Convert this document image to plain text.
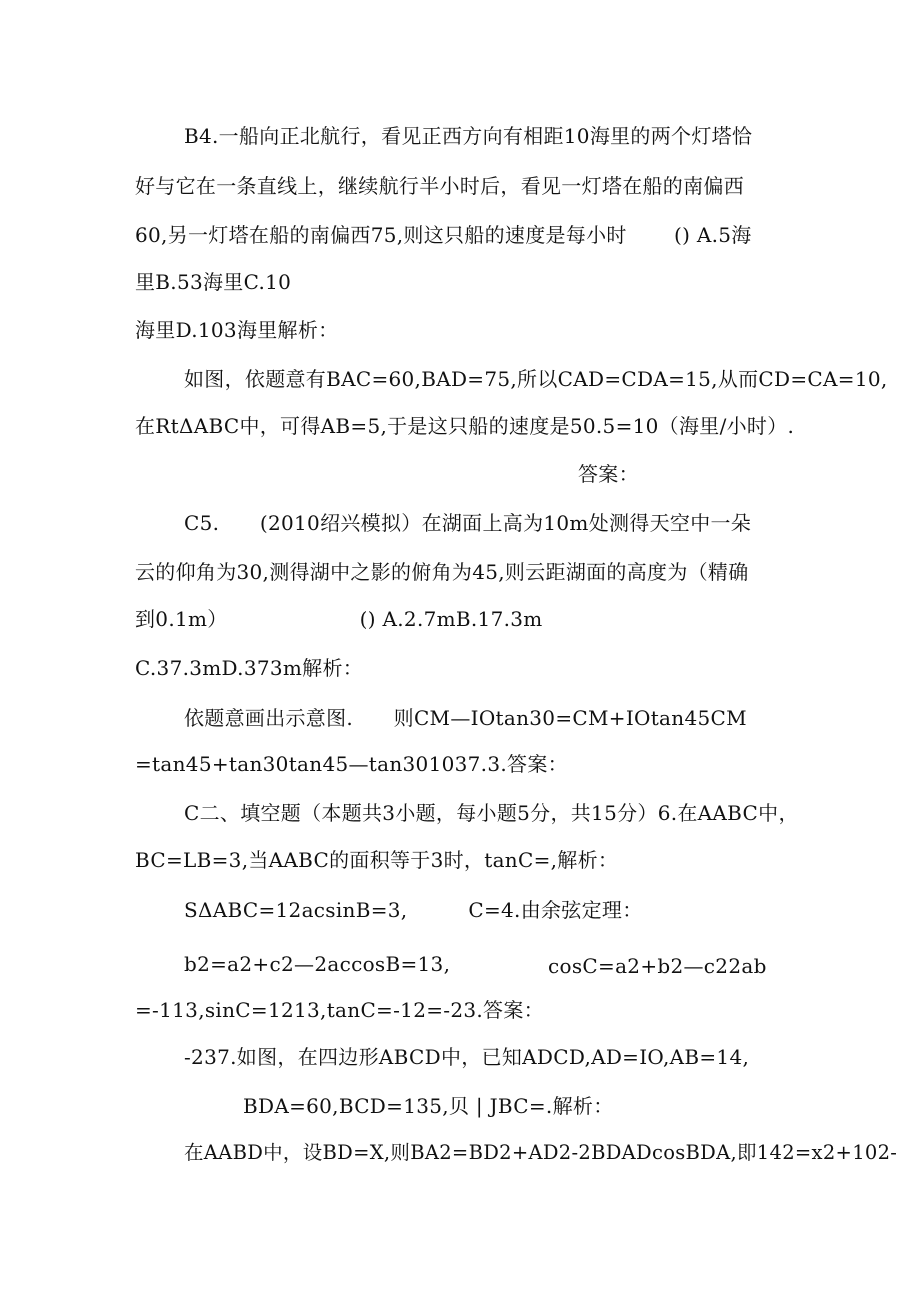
B4.一船向正北航行，看见正西方向有相距10海里的两个灯塔恰
好与它在一条直线上，继续航行半小时后，看见一灯塔在船的南偏西
60,另一灯塔在船的南偏西75,则这只船的速度是每小时 　　() A.5海
里B.53海里C.10
海里D.103海里解析：
如图，依题意有BAC=60,BAD=75,所以CAD=CDA=15,从而CD=CA=10,
在RtΔABC中，可得AB=5,于是这只船的速度是50.5=10（海里/小时）.
答案：
C5.　　(2010绍兴模拟）在湖面上高为10m处测得天空中一朵
云的仰角为30,测得湖中之影的俯角为45,则云距湖面的高度为（精确
到0.1m）　　　　　　　() A.2.7mB.17.3m
C.37.3mD.373m解析：
依题意画出示意图.　　则CM—IOtan30=CM+IOtan45CM
=tan45+tan30tan45—tan301037.3.答案：
C二、填空题（本题共3小题，每小题5分，共15分）6.在AABC中，
BC=LB=3,当AABC的面积等于3时，tanC=,解析：
SΔABC=12acsinB=3,　　　C=4.由余弦定理：
b2=a2+c2—2accosB=13,	cosC=a2+b2—c22ab
=-113,sinC=1213,tanC=-12=-23.答案：
-237.如图，在四边形ABCD中，已知ADCD,AD=IO,AB=14,
BDA=60,BCD=135,贝 | JBC=.解析：
在AABD中，设BD=X,则BA2=BD2+AD2-2BDADcosBDA,即142=x2+102-
